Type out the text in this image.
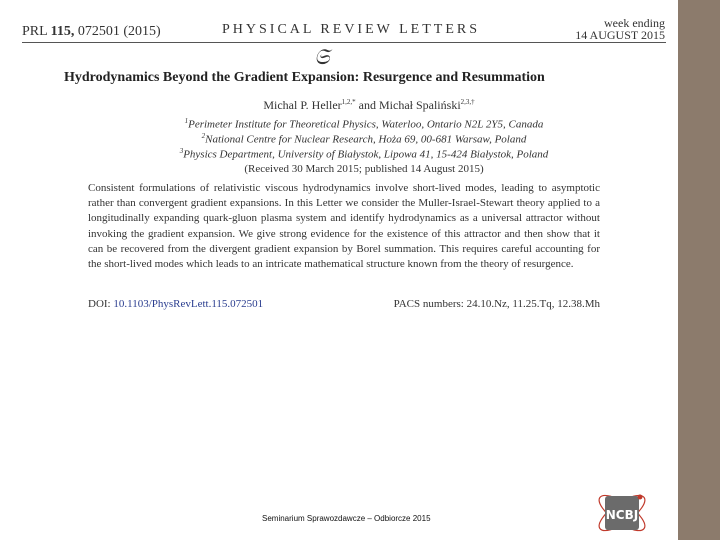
PRL 115, 072501 (2015)	PHYSICAL REVIEW LETTERS	week ending
14 AUGUST 2015
𝔖
Hydrodynamics Beyond the Gradient Expansion: Resurgence and Resummation
Michal P. Heller$^{1,2,*}$ and Michał Spaliński$^{2,3,\dagger}$
$^1$Perimeter Institute for Theoretical Physics, Waterloo, Ontario N2L 2Y5, Canada
$^2$National Centre for Nuclear Research, Hoża 69, 00-681 Warsaw, Poland
$^3$Physics Department, University of Białystok, Lipowa 41, 15-424 Białystok, Poland
(Received 30 March 2015; published 14 August 2015)
Consistent formulations of relativistic viscous hydrodynamics involve short-lived modes, leading to asymptotic rather than convergent gradient expansions. In this Letter we consider the Muller-Israel-Stewart theory applied to a longitudinally expanding quark-gluon plasma system and identify hydrodynamics as a universal attractor without invoking the gradient expansion. We give strong evidence for the existence of this attractor and then show that it can be recovered from the divergent gradient expansion by Borel summation. This requires careful accounting for the short-lived modes which leads to an intricate mathematical structure known from the theory of resurgence.
DOI: 10.1103/PhysRevLett.115.072501	PACS numbers: 24.10.Nz, 11.25.Tq, 12.38.Mh
Seminarium Sprawozdawcze – Odbiorcze 2015	NCBJ
